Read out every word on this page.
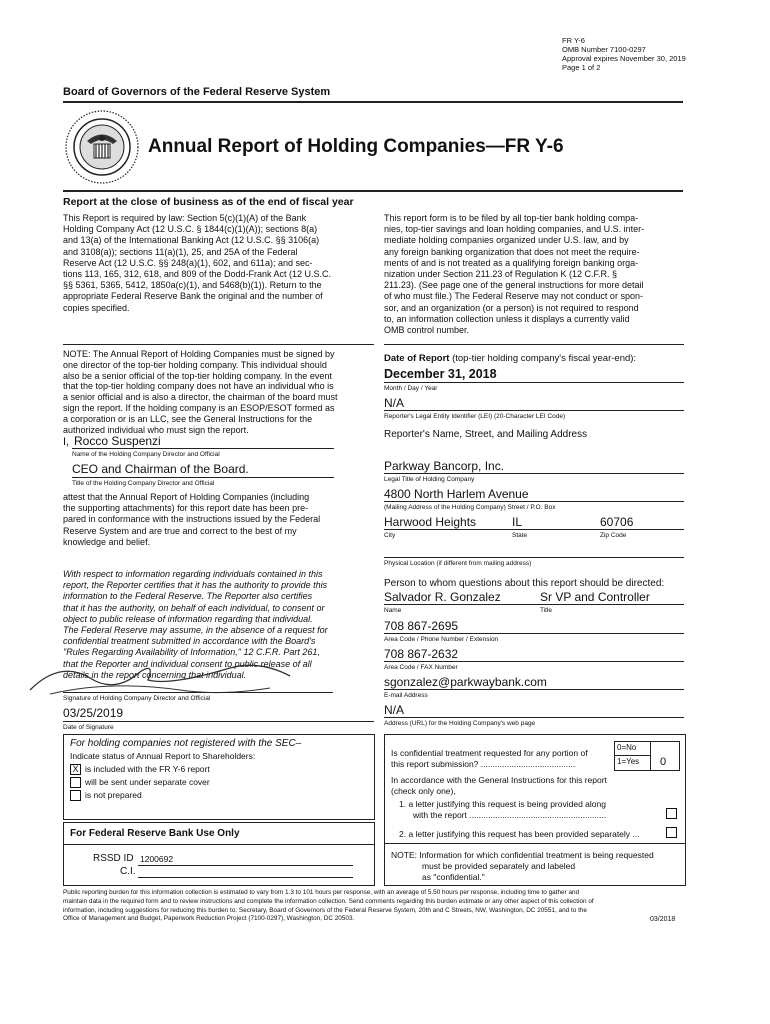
FR Y-6
OMB Number 7100-0297
Approval expires November 30, 2019
Page 1 of 2
Board of Governors of the Federal Reserve System
Annual Report of Holding Companies—FR Y-6
Report at the close of business as of the end of fiscal year
This Report is required by law: Section 5(c)(1)(A) of the Bank
Holding Company Act (12 U.S.C. § 1844(c)(1)(A)); sections 8(a)
and 13(a) of the International Banking Act (12 U.S.C. §§ 3106(a)
and 3108(a)); sections 11(a)(1), 25, and 25A of the Federal
Reserve Act (12 U.S.C. §§ 248(a)(1), 602, and 611a); and sec-
tions 113, 165, 312, 618, and 809 of the Dodd-Frank Act (12 U.S.C.
§§ 5361, 5365, 5412, 1850a(c)(1), and 5468(b)(1)). Return to the
appropriate Federal Reserve Bank the original and the number of
copies specified.
This report form is to be filed by all top-tier bank holding compa-
nies, top-tier savings and loan holding companies, and U.S. inter-
mediate holding companies organized under U.S. law, and by
any foreign banking organization that does not meet the require-
ments of and is not treated as a qualifying foreign banking orga-
nization under Section 211.23 of Regulation K (12 C.F.R. §
211.23). (See page one of the general instructions for more detail
of who must file.) The Federal Reserve may not conduct or spon-
sor, and an organization (or a person) is not required to respond
to, an information collection unless it displays a currently valid
OMB control number.
NOTE: The Annual Report of Holding Companies must be signed by
one director of the top-tier holding company. This individual should
also be a senior official of the top-tier holding company. In the event
that the top-tier holding company does not have an individual who is
a senior official and is also a director, the chairman of the board must
sign the report. If the holding company is an ESOP/ESOT formed as
a corporation or is an LLC, see the General Instructions for the
authorized individual who must sign the report.
I, Rocco Suspenzi
Name of the Holding Company Director and Official
CEO and Chairman of the Board.
Title of the Holding Company Director and Official
attest that the Annual Report of Holding Companies (including
the supporting attachments) for this report date has been pre-
pared in conformance with the instructions issued by the Federal
Reserve System and are true and correct to the best of my
knowledge and belief.
With respect to information regarding individuals contained in this
report, the Reporter certifies that it has the authority to provide this
information to the Federal Reserve. The Reporter also certifies
that it has the authority, on behalf of each individual, to consent or
object to public release of information regarding that individual.
The Federal Reserve may assume, in the absence of a request for
confidential treatment submitted in accordance with the Board's
"Rules Regarding Availability of Information," 12 C.F.R. Part 261,
that the Reporter and individual consent to public release of all
details in the report concerning that individual.
Signature of Holding Company Director and Official
03/25/2019
Date of Signature
For holding companies not registered with the SEC–
Indicate status of Annual Report to Shareholders:
X is included with the FR Y-6 report
will be sent under separate cover
is not prepared
For Federal Reserve Bank Use Only
RSSD ID 1200692
C.I.
Date of Report (top-tier holding company's fiscal year-end):
December 31, 2018
Month / Day / Year
N/A
Reporter's Legal Entity Identifier (LEI) (20-Character LEI Code)
Reporter's Name, Street, and Mailing Address
Parkway Bancorp, Inc.
Legal Title of Holding Company
4800 North Harlem Avenue
(Mailing Address of the Holding Company) Street / P.O. Box
Harwood Heights	IL	60706
City	State	Zip Code
Physical Location (if different from mailing address)
Person to whom questions about this report should be directed:
Salvador R. Gonzalez	Sr VP and Controller
Name	Title
708 867-2695
Area Code / Phone Number / Extension
708 867-2632
Area Code / FAX Number
sgonzalez@parkwaybank.com
E-mail Address
N/A
Address (URL) for the Holding Company's web page
Is confidential treatment requested for any portion of
this report submission? ........................................
0=No
1=Yes 0
In accordance with the General Instructions for this report
(check only one),
1. a letter justifying this request is being provided along
with the report ..........................................................
2. a letter justifying this request has been provided separately ...
NOTE: Information for which confidential treatment is being requested
must be provided separately and labeled
as "confidential."
Public reporting burden for this information collection is estimated to vary from 1.3 to 101 hours per response, with an average of 5.50 hours per response, including time to gather and
maintain data in the required form and to review instructions and complete the information collection. Send comments regarding this burden estimate or any other aspect of this collection of
information, including suggestions for reducing this burden to: Secretary, Board of Governors of the Federal Reserve System, 20th and C Streets, NW, Washington, DC 20551, and to the
Office of Management and Budget, Paperwork Reduction Project (7100-0297), Washington, DC 20503.	03/2018
